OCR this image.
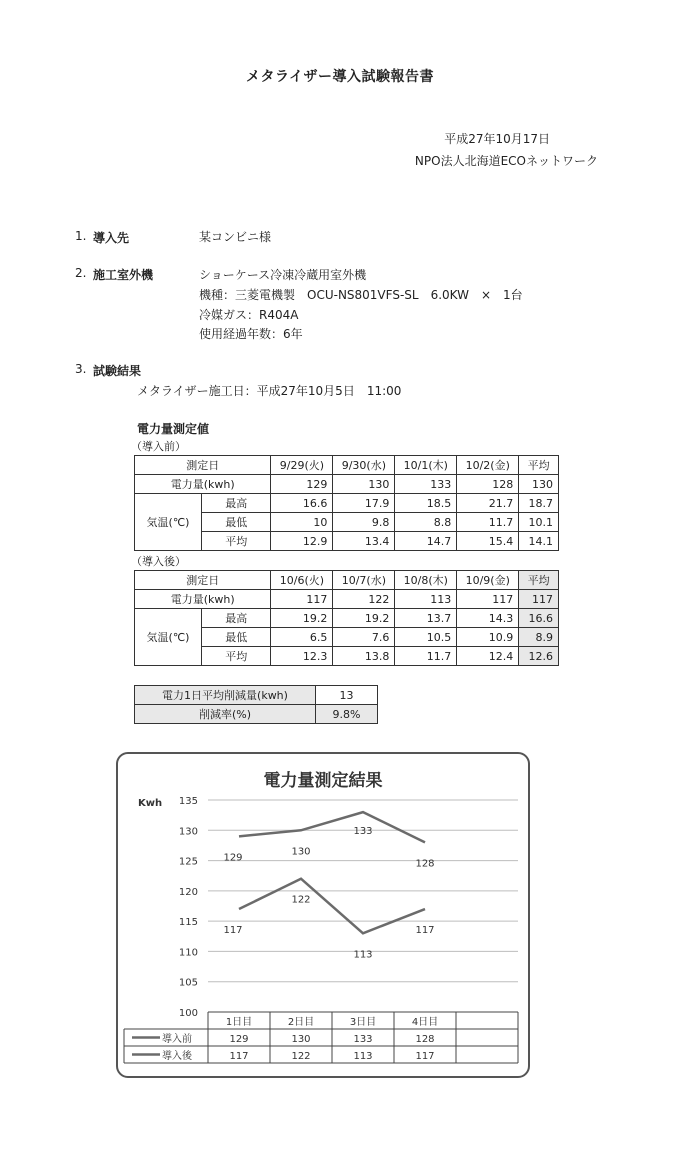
メタライザー導入試験報告書
平成27年10月17日
NPO法人北海道ECOネットワーク
1. 導入先	某コンビニ様
2. 施工室外機	ショーケース冷凍冷蔵用室外機
機種：三菱電機製　OCU-NS801VFS-SL　6.0KW　×　1台
冷媒ガス：R404A
使用経過年数：6年
3. 試験結果
メタライザー施工日：平成27年10月5日　11:00
電力量測定値
（導入前）
測定日		9/29(火)	9/30(水)	10/1(木)	10/2(金)	平均
電力量(kwh)		129	130	133	128	130
気温(℃)	最高	16.6	17.9	18.5	21.7	18.7
	最低	10	9.8	8.8	11.7	10.1
	平均	12.9	13.4	14.7	15.4	14.1
（導入後）
測定日		10/6(火)	10/7(水)	10/8(木)	10/9(金)	平均
電力量(kwh)		117	122	113	117	117
気温(℃)	最高	19.2	19.2	13.7	14.3	16.6
	最低	6.5	7.6	10.5	10.9	8.9
	平均	12.3	13.8	11.7	12.4	12.6
電力1日平均削減量(kwh)	13
削減率(%)	9.8%
電力量測定結果
Kwh
100
105
110
115
120
125
130
135
129
130
133
128
117
122
113
117
1日目	2日目	3日目	4日目
導入前	129	130	133	128
導入後	117	122	113	117
